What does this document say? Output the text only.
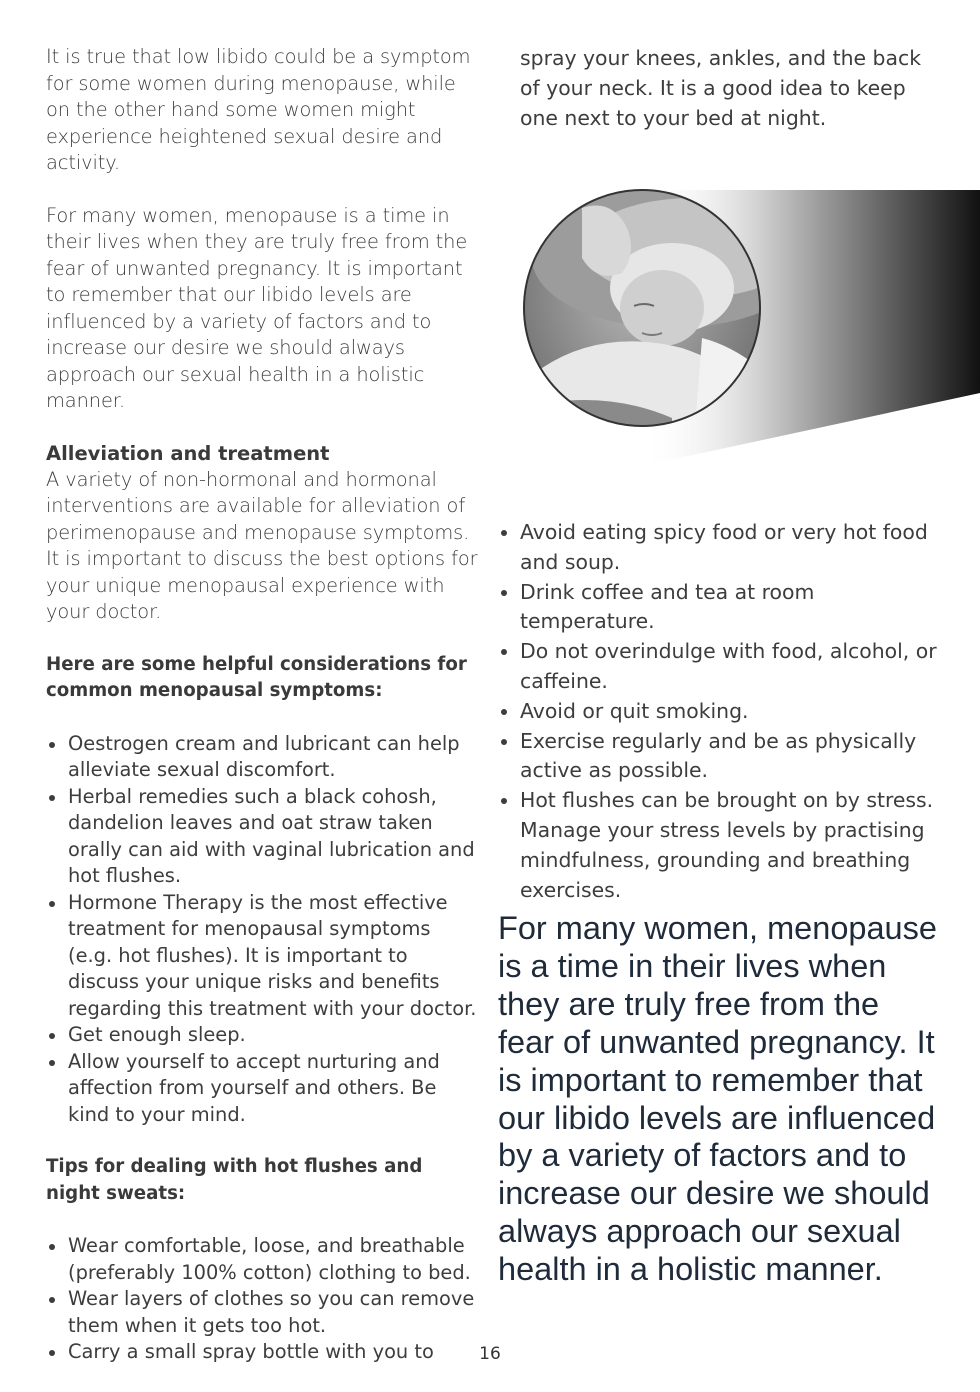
It is true that low libido could be a symptom for some women during menopause, while on the other hand some women might experience heightened sexual desire and activity.

For many women, menopause is a time in their lives when they are truly free from the fear of unwanted pregnancy. It is important to remember that our libido levels are influenced by a variety of factors and to increase our desire we should always approach our sexual health in a holistic manner.

Alleviation and treatment

A variety of non-hormonal and hormonal interventions are available for alleviation of perimenopause and menopause symptoms. It is important to discuss the best options for your unique menopausal experience with your doctor.

Here are some helpful considerations for common menopausal symptoms:
Oestrogen cream and lubricant can help alleviate sexual discomfort.
Herbal remedies such a black cohosh, dandelion leaves and oat straw taken orally can aid with vaginal lubrication and hot flushes.
Hormone Therapy is the most effective treatment for menopausal symptoms (e.g. hot flushes). It is important to discuss your unique risks and benefits regarding this treatment with your doctor.
Get enough sleep.
Allow yourself to accept nurturing and affection from yourself and others. Be kind to your mind.
Tips for dealing with hot flushes and night sweats:
Wear comfortable, loose, and breathable (preferably 100% cotton) clothing to bed.
Wear layers of clothes so you can remove them when it gets too hot.
Carry a small spray bottle with you to

spray your knees, ankles, and the back of your neck. It is a good idea to keep one next to your bed at night.

Avoid eating spicy food or very hot food and soup.
Drink coffee and tea at room temperature.
Do not overindulge with food, alcohol, or caffeine.
Avoid or quit smoking.
Exercise regularly and be as physically active as possible.
Hot flushes can be brought on by stress. Manage your stress levels by practising mindfulness, grounding and breathing exercises.

For many women, menopause is a time in their lives when they are truly free from the fear of unwanted pregnancy. It is important to remember that our libido levels are influenced by a variety of factors and to increase our desire we should always approach our sexual health in a holistic manner.

16
